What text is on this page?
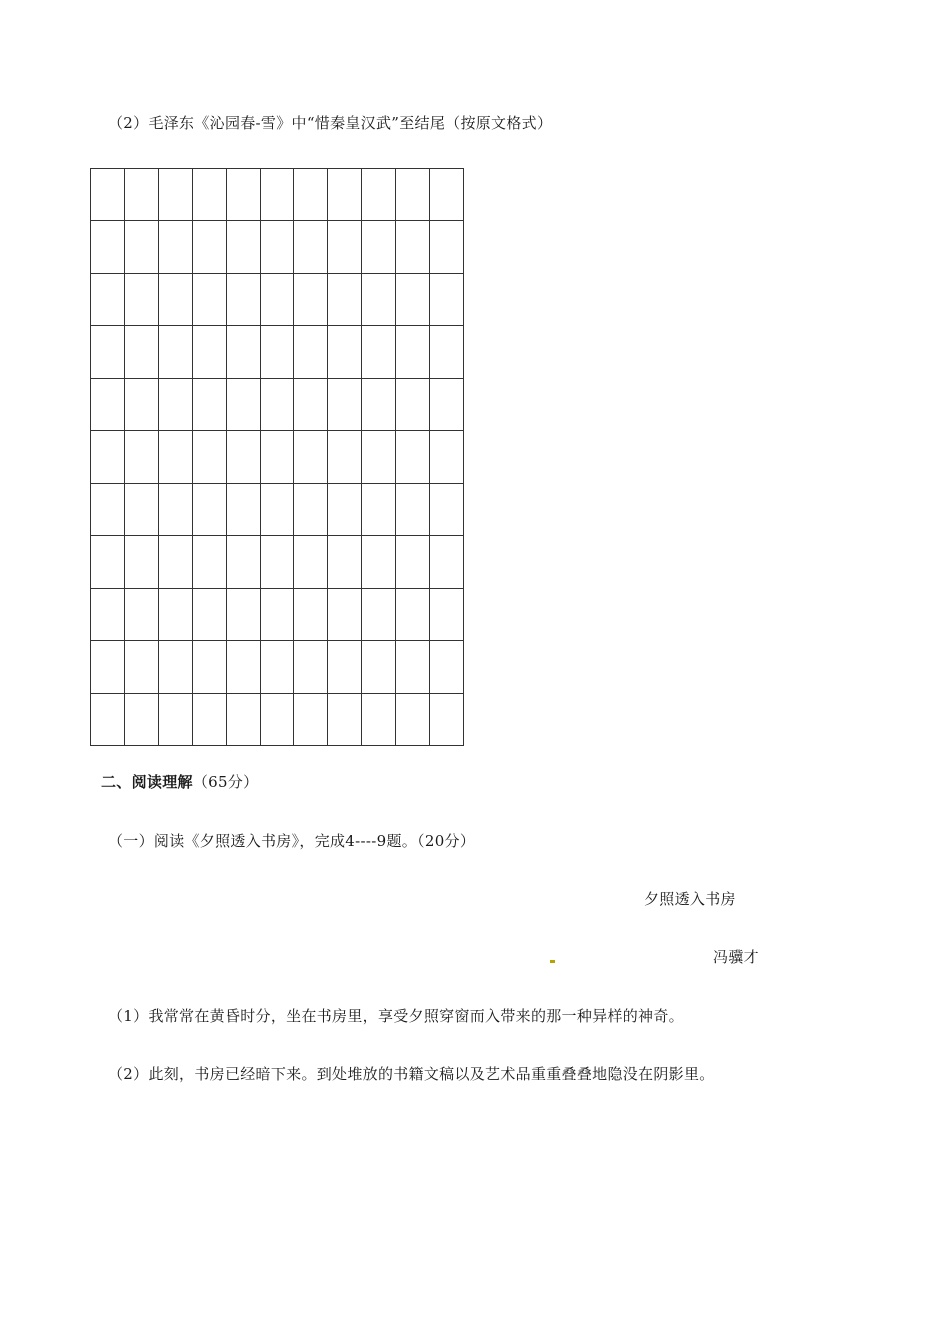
（2）毛泽东《沁园春-雪》中“惜秦皇汉武”至结尾（按原文格式）
二、阅读理解（65分）
（一）阅读《夕照透入书房》，完成4----9题。（20分）
夕照透入书房
冯骥才
（1）我常常在黄昏时分，坐在书房里，享受夕照穿窗而入带来的那一种异样的神奇。
（2）此刻，书房已经暗下来。到处堆放的书籍文稿以及艺术品重重叠叠地隐没在阴影里。
